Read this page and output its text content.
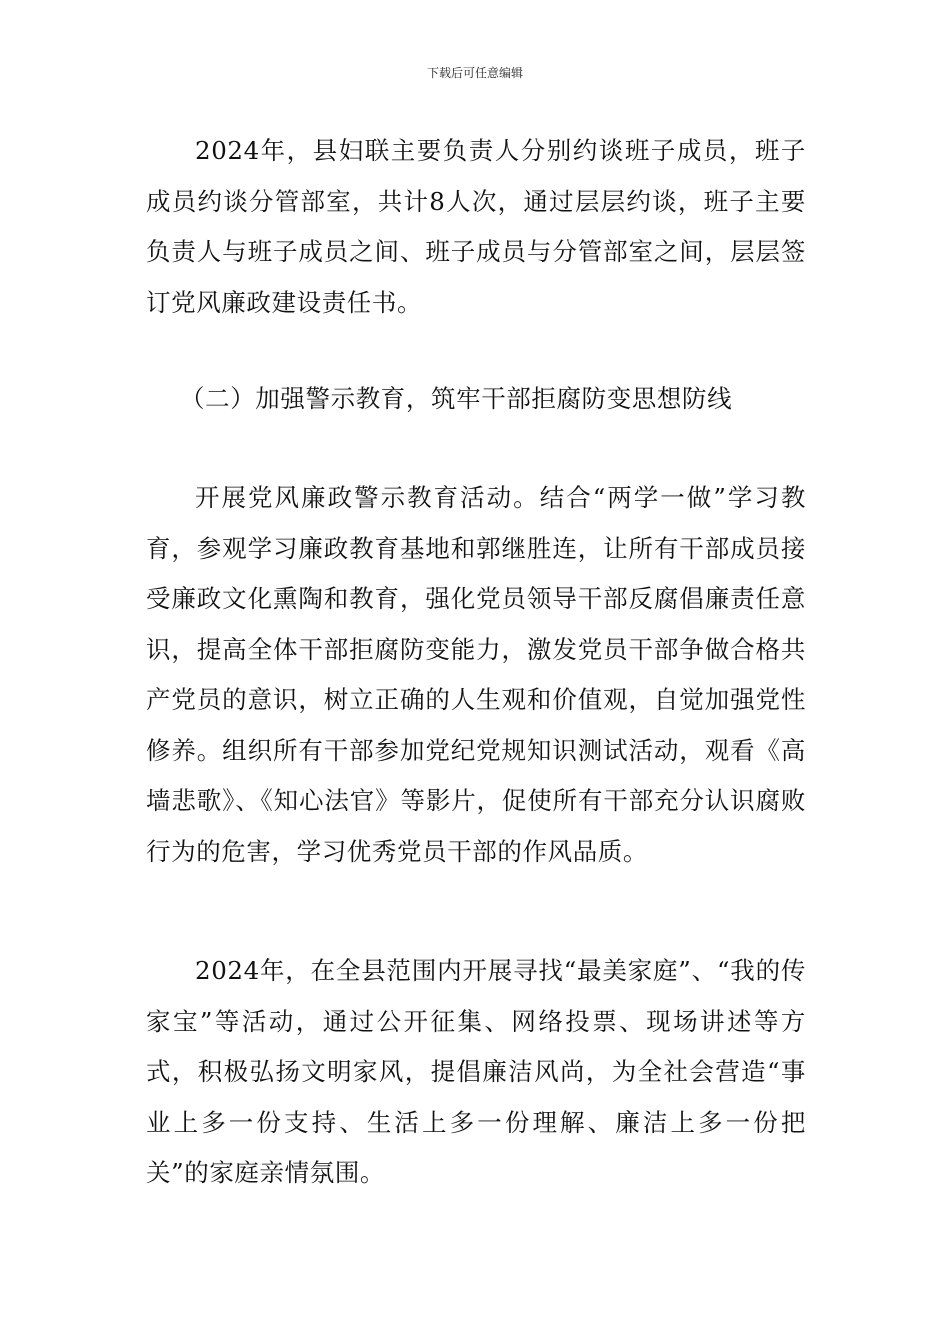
下载后可任意编辑

2024年，县妇联主要负责人分别约谈班子成员，班子成员约谈分管部室，共计8人次，通过层层约谈，班子主要负责人与班子成员之间、班子成员与分管部室之间，层层签订党风廉政建设责任书。

（二）加强警示教育，筑牢干部拒腐防变思想防线

开展党风廉政警示教育活动。结合“两学一做”学习教育，参观学习廉政教育基地和郭继胜连，让所有干部成员接受廉政文化熏陶和教育，强化党员领导干部反腐倡廉责任意识，提高全体干部拒腐防变能力，激发党员干部争做合格共产党员的意识，树立正确的人生观和价值观，自觉加强党性修养。组织所有干部参加党纪党规知识测试活动，观看《高墙悲歌》、《知心法官》等影片，促使所有干部充分认识腐败行为的危害，学习优秀党员干部的作风品质。

2024年，在全县范围内开展寻找“最美家庭”、“我的传家宝”等活动，通过公开征集、网络投票、现场讲述等方式，积极弘扬文明家风，提倡廉洁风尚，为全社会营造“事业上多一份支持、生活上多一份理解、廉洁上多一份把关”的家庭亲情氛围。
